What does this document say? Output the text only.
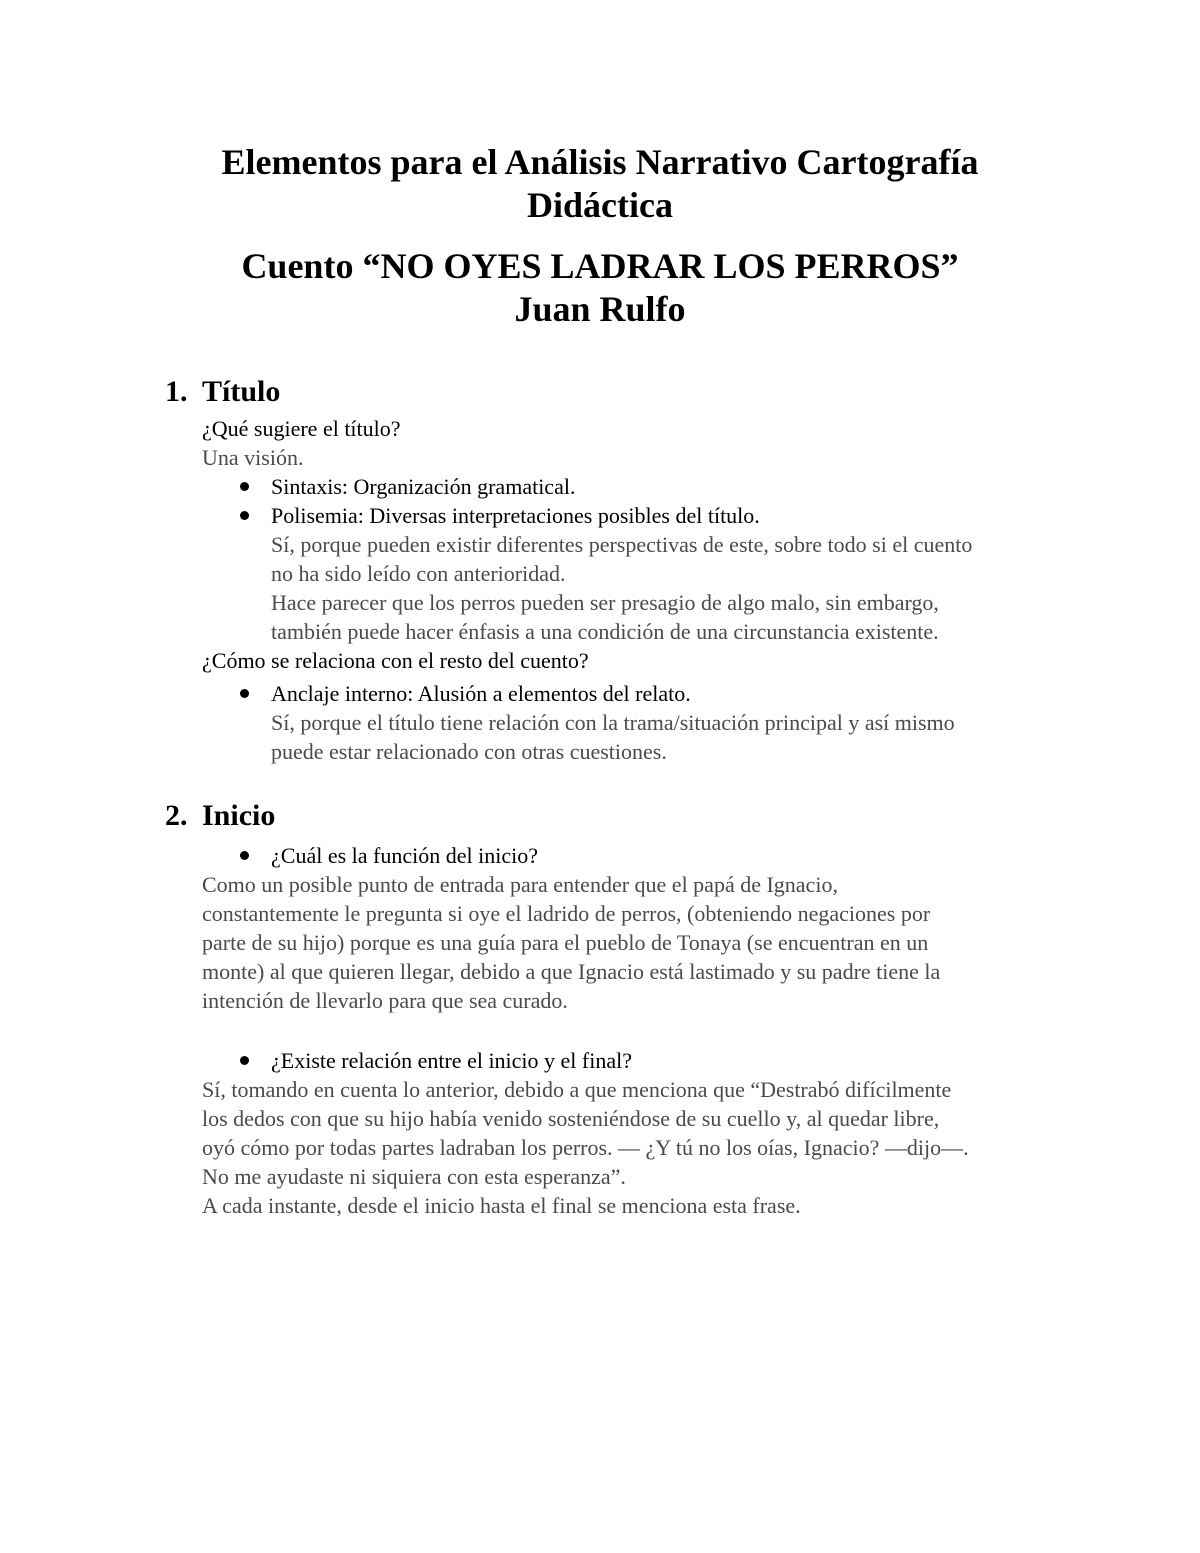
Elementos para el Análisis Narrativo Cartografía

Didáctica

Cuento “NO OYES LADRAR LOS PERROS”

Juan Rulfo

1. Título

¿Qué sugiere el título?

Una visión.

Sintaxis: Organización gramatical.

Polisemia: Diversas interpretaciones posibles del título.

Sí, porque pueden existir diferentes perspectivas de este, sobre todo si el cuento

no ha sido leído con anterioridad.

Hace parecer que los perros pueden ser presagio de algo malo, sin embargo,

también puede hacer énfasis a una condición de una circunstancia existente.

¿Cómo se relaciona con el resto del cuento?

Anclaje interno: Alusión a elementos del relato.

Sí, porque el título tiene relación con la trama/situación principal y así mismo

puede estar relacionado con otras cuestiones.

2. Inicio

¿Cuál es la función del inicio?

Como un posible punto de entrada para entender que el papá de Ignacio,

constantemente le pregunta si oye el ladrido de perros, (obteniendo negaciones por

parte de su hijo) porque es una guía para el pueblo de Tonaya (se encuentran en un

monte) al que quieren llegar, debido a que Ignacio está lastimado y su padre tiene la

intención de llevarlo para que sea curado.

¿Existe relación entre el inicio y el final?

Sí, tomando en cuenta lo anterior, debido a que menciona que “Destrabó difícilmente

los dedos con que su hijo había venido sosteniéndose de su cuello y, al quedar libre,

oyó cómo por todas partes ladraban los perros. — ¿Y tú no los oías, Ignacio? —dijo—.

No me ayudaste ni siquiera con esta esperanza”.

A cada instante, desde el inicio hasta el final se menciona esta frase.
